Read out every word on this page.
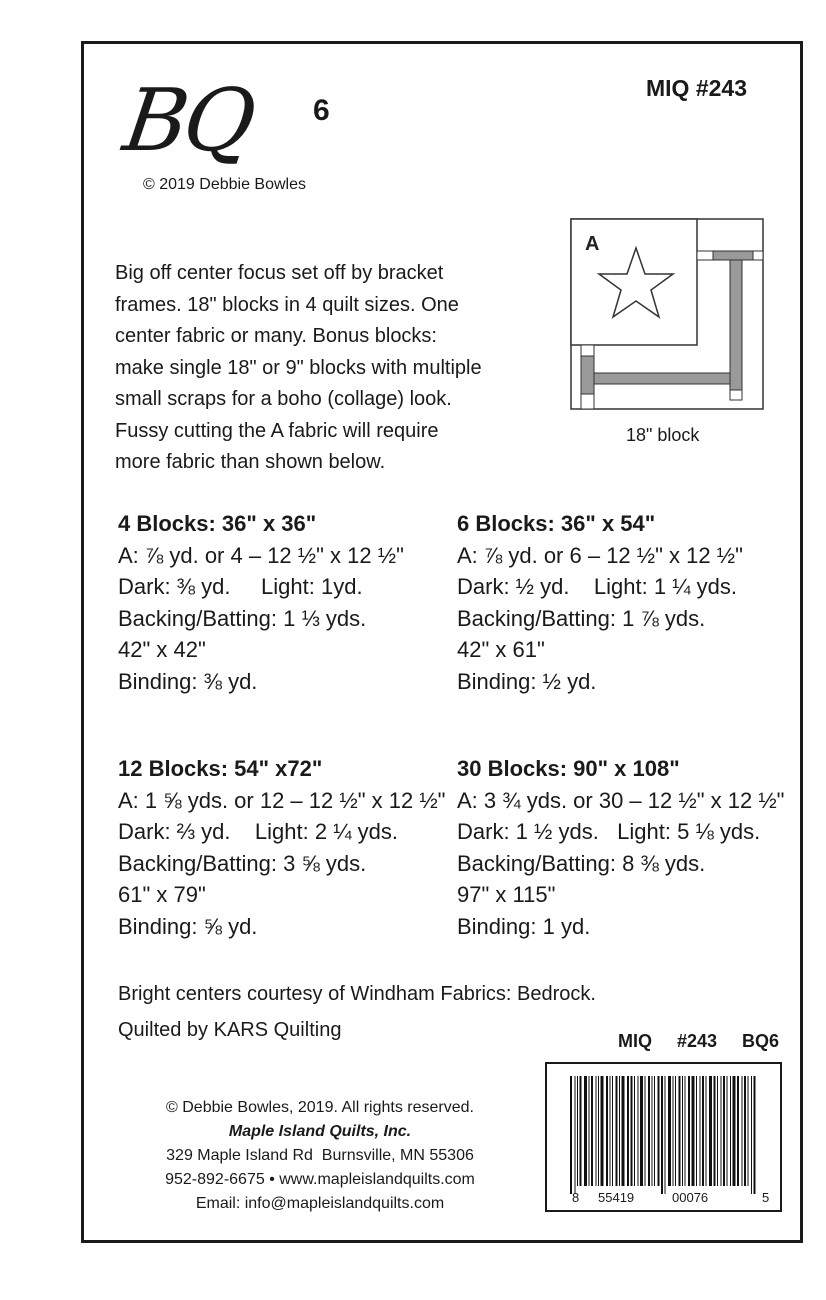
BQ 6
© 2019 Debbie Bowles
MIQ #243
Big off center focus set off by bracket
frames. 18" blocks in 4 quilt sizes. One
center fabric or many. Bonus blocks:
make single 18" or 9" blocks with multiple
small scraps for a boho (collage) look.
Fussy cutting the A fabric will require
more fabric than shown below.
A
18" block
4 Blocks: 36" x 36"
A: ⅞ yd. or 4 – 12 ½" x 12 ½"
Dark: ⅜ yd.     Light: 1yd.
Backing/Batting: 1 ⅓ yds.
42" x 42"
Binding: ⅜ yd.
6 Blocks: 36" x 54"
A: ⅞ yd. or 6 – 12 ½" x 12 ½"
Dark: ½ yd.    Light: 1 ¼ yds.
Backing/Batting: 1 ⅞ yds.
42" x 61"
Binding: ½ yd.
12 Blocks: 54" x72"
A: 1 ⅝ yds. or 12 – 12 ½" x 12 ½"
Dark: ⅔ yd.    Light: 2 ¼ yds.
Backing/Batting: 3 ⅝ yds.
61" x 79"
Binding: ⅝ yd.
30 Blocks: 90" x 108"
A: 3 ¾ yds. or 30 – 12 ½" x 12 ½"
Dark: 1 ½ yds.   Light: 5 ⅛ yds.
Backing/Batting: 8 ⅜ yds.
97" x 115"
Binding: 1 yd.
Bright centers courtesy of Windham Fabrics: Bedrock.
Quilted by KARS Quilting	MIQ #243 BQ6
© Debbie Bowles, 2019. All rights reserved.
Maple Island Quilts, Inc.
329 Maple Island Rd  Burnsville, MN 55306
952-892-6675 • www.mapleislandquilts.com
Email: info@mapleislandquilts.com	8 55419	00076	5
